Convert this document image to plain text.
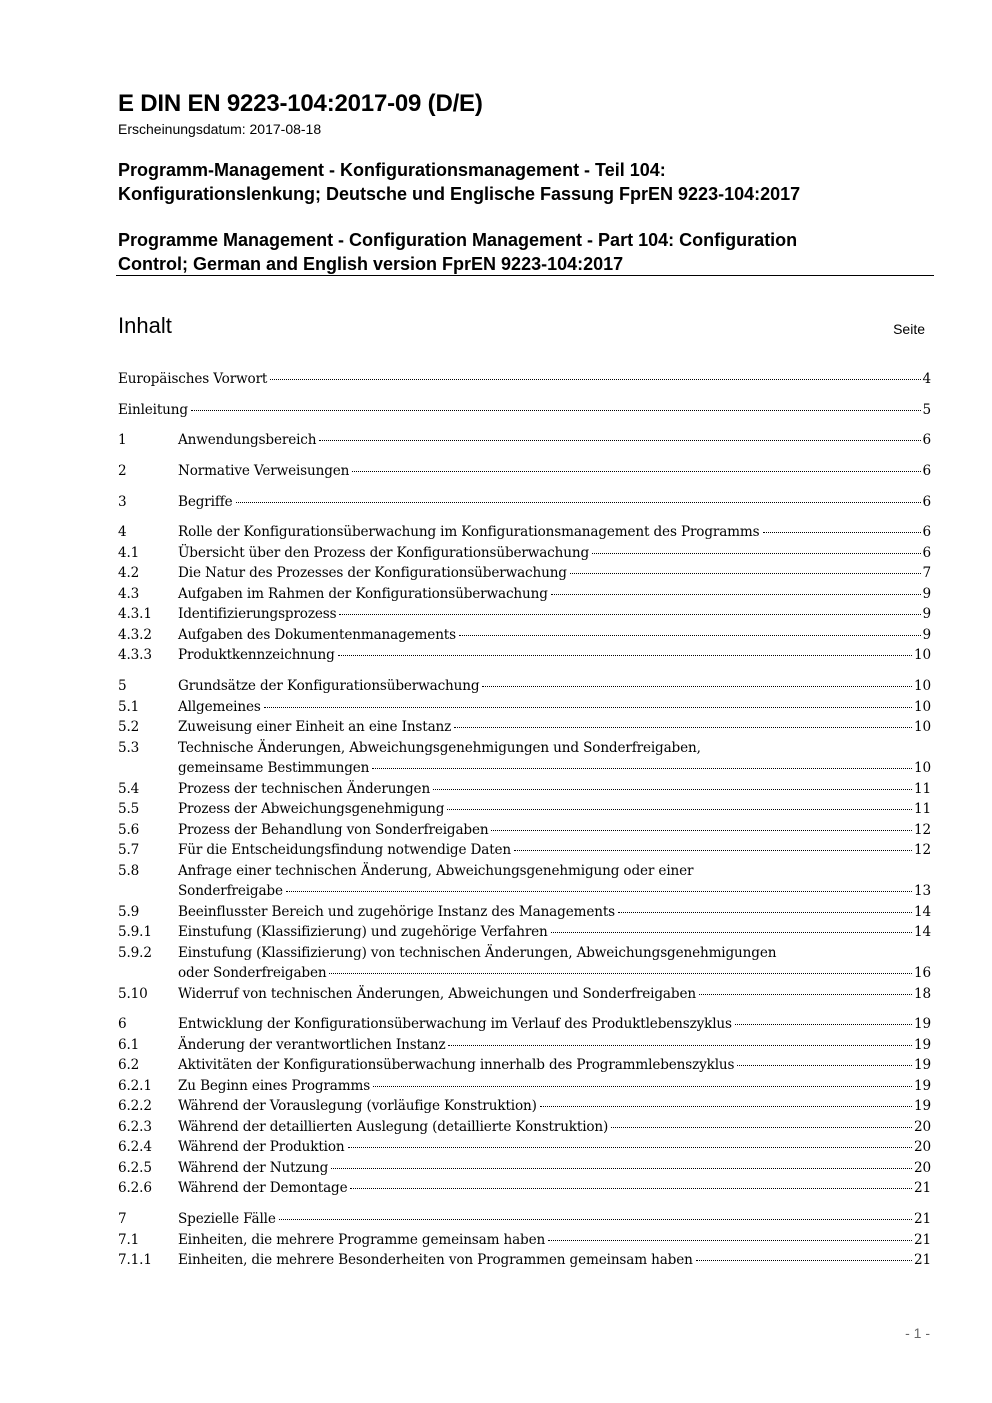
E DIN EN 9223-104:2017-09 (D/E)
Erscheinungsdatum: 2017-08-18
Programm-Management - Konfigurationsmanagement - Teil 104:
Konfigurationslenkung; Deutsche und Englische Fassung FprEN 9223-104:2017
Programme Management - Configuration Management - Part 104: Configuration
Control; German and English version FprEN 9223-104:2017
Inhalt	Seite
Europäisches Vorwort	4
Einleitung	5
1	Anwendungsbereich	6
2	Normative Verweisungen	6
3	Begriffe	6
4	Rolle der Konfigurationsüberwachung im Konfigurationsmanagement des Programms	6
4.1	Übersicht über den Prozess der Konfigurationsüberwachung	6
4.2	Die Natur des Prozesses der Konfigurationsüberwachung	7
4.3	Aufgaben im Rahmen der Konfigurationsüberwachung	9
4.3.1	Identifizierungsprozess	9
4.3.2	Aufgaben des Dokumentenmanagements	9
4.3.3	Produktkennzeichnung	10
5	Grundsätze der Konfigurationsüberwachung	10
5.1	Allgemeines	10
5.2	Zuweisung einer Einheit an eine Instanz	10
5.3	Technische Änderungen, Abweichungsgenehmigungen und Sonderfreigaben,
gemeinsame Bestimmungen	10
5.4	Prozess der technischen Änderungen	11
5.5	Prozess der Abweichungsgenehmigung	11
5.6	Prozess der Behandlung von Sonderfreigaben	12
5.7	Für die Entscheidungsfindung notwendige Daten	12
5.8	Anfrage einer technischen Änderung, Abweichungsgenehmigung oder einer
Sonderfreigabe	13
5.9	Beeinflusster Bereich und zugehörige Instanz des Managements	14
5.9.1	Einstufung (Klassifizierung) und zugehörige Verfahren	14
5.9.2	Einstufung (Klassifizierung) von technischen Änderungen, Abweichungsgenehmigungen
oder Sonderfreigaben	16
5.10	Widerruf von technischen Änderungen, Abweichungen und Sonderfreigaben	18
6	Entwicklung der Konfigurationsüberwachung im Verlauf des Produktlebenszyklus	19
6.1	Änderung der verantwortlichen Instanz	19
6.2	Aktivitäten der Konfigurationsüberwachung innerhalb des Programmlebenszyklus	19
6.2.1	Zu Beginn eines Programms	19
6.2.2	Während der Vorauslegung (vorläufige Konstruktion)	19
6.2.3	Während der detaillierten Auslegung (detaillierte Konstruktion)	20
6.2.4	Während der Produktion	20
6.2.5	Während der Nutzung	20
6.2.6	Während der Demontage	21
7	Spezielle Fälle	21
7.1	Einheiten, die mehrere Programme gemeinsam haben	21
7.1.1	Einheiten, die mehrere Besonderheiten von Programmen gemeinsam haben	21
- 1 -
